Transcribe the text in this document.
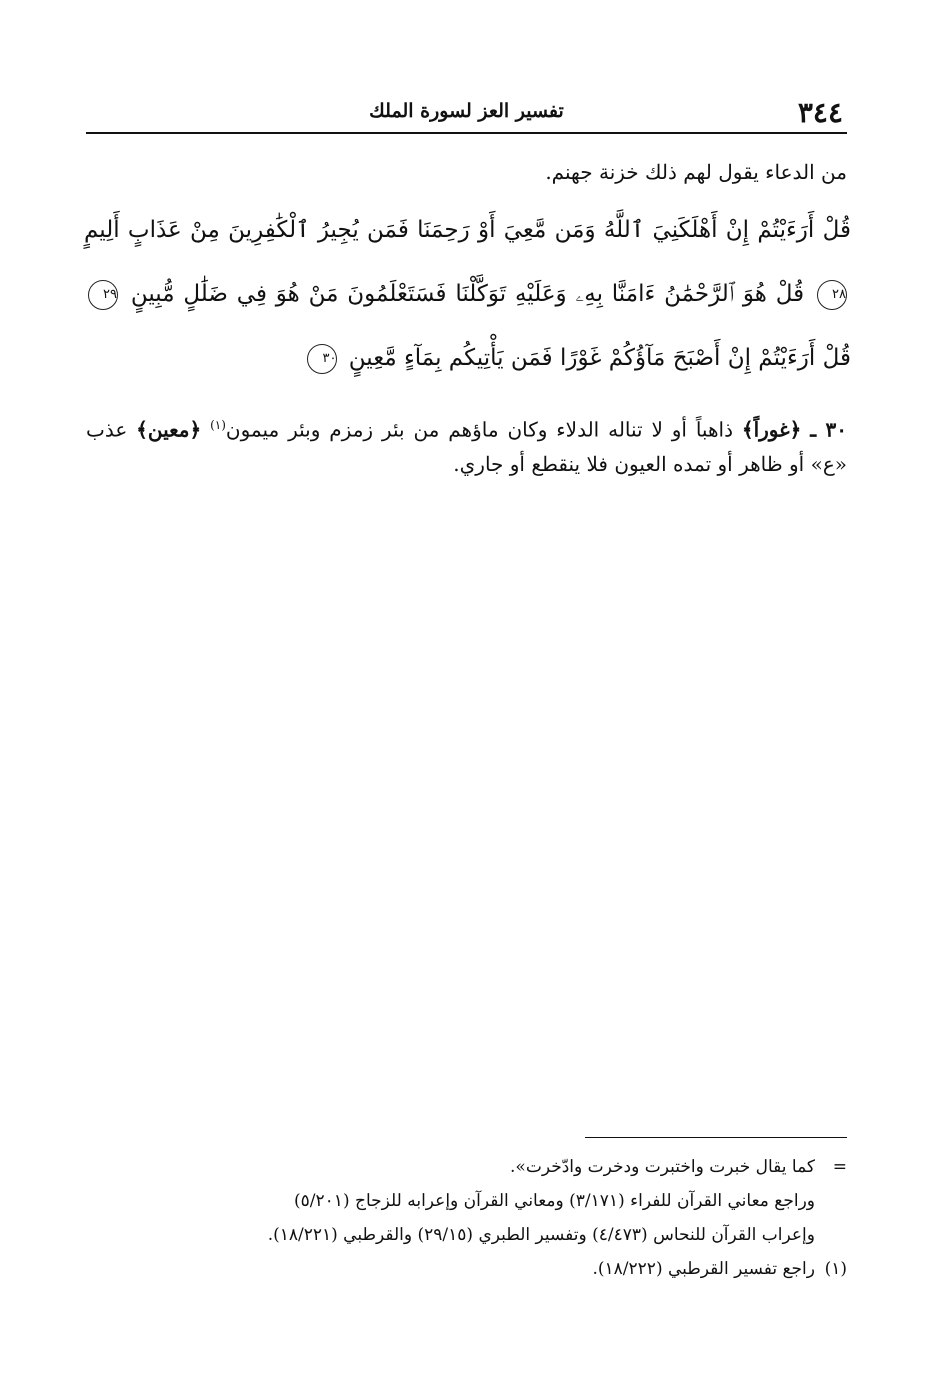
٣٤٤
تفسير العز لسورة الملك
من الدعاء يقول لهم ذلك خزنة جهنم.
قُلْ أَرَءَيْتُمْ إِنْ أَهْلَكَنِيَ ٱللَّهُ وَمَن مَّعِيَ أَوْ رَحِمَنَا فَمَن يُجِيرُ ٱلْكَٰفِرِينَ مِنْ عَذَابٍ أَلِيمٍ ٢٨ قُلْ هُوَ ٱلرَّحْمَٰنُ ءَامَنَّا بِهِۦ وَعَلَيْهِ تَوَكَّلْنَا فَسَتَعْلَمُونَ مَنْ هُوَ فِي ضَلَٰلٍ مُّبِينٍ ٢٩ قُلْ أَرَءَيْتُمْ إِنْ أَصْبَحَ مَآؤُكُمْ غَوْرًا فَمَن يَأْتِيكُم بِمَآءٍ مَّعِينٍ ٣٠
٣٠ ـ ﴿غوراً﴾ ذاهباً أو لا تناله الدلاء وكان ماؤهم من بئر زمزم وبئر ميمون$^{(١)}$ ﴿معين﴾ عذب «ع» أو ظاهر أو تمده العيون فلا ينقطع أو جاري.
=كما يقال خبرت واختبرت ودخرت وادّخرت».
وراجع معاني القرآن للفراء (٣/١٧١) ومعاني القرآن وإعرابه للزجاج (٥/٢٠١)
وإعراب القرآن للنحاس (٤/٤٧٣) وتفسير الطبري (٢٩/١٥) والقرطبي (١٨/٢٢١).
(١)راجع تفسير القرطبي (١٨/٢٢٢).
